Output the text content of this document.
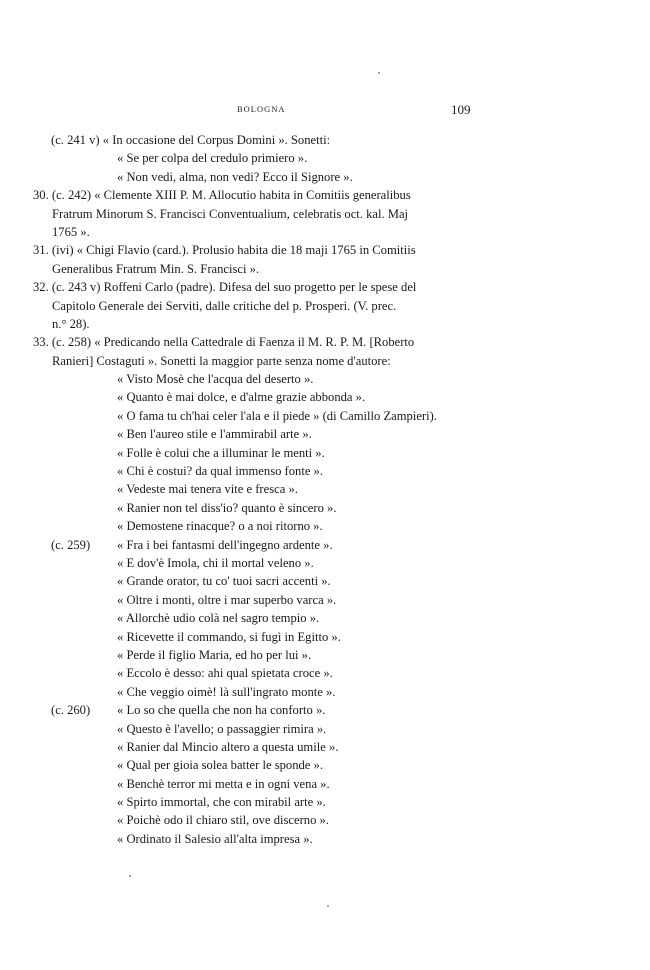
BOLOGNA	109
(c. 241 v) « In occasione del Corpus Domini ». Sonetti:
« Se per colpa del credulo primiero ».
« Non vedi, alma, non vedi? Ecco il Signore ».
30. (c. 242) « Clemente XIII P. M. Allocutio habita in Comitiis generalibus
Fratrum Minorum S. Francisci Conventualium, celebratis oct. kal. Maj
1765 ».
31. (ivi) « Chigi Flavio (card.). Prolusio habita die 18 maji 1765 in Comitiis
Generalibus Fratrum Min. S. Francisci ».
32. (c. 243 v) Roffeni Carlo (padre). Difesa del suo progetto per le spese del
Capitolo Generale dei Serviti, dalle critiche del p. Prosperi. (V. prec.
n.° 28).
33. (c. 258) « Predicando nella Cattedrale di Faenza il M. R. P. M. [Roberto
Ranieri] Costaguti ». Sonetti la maggior parte senza nome d'autore:
« Visto Mosè che l'acqua del deserto ».
« Quanto è mai dolce, e d'alme grazie abbonda ».
« O fama tu ch'hai celer l'ala e il piede » (di Camillo Zampieri).
« Ben l'aureo stile e l'ammirabil arte ».
« Folle è colui che a illuminar le menti ».
« Chi è costui? da qual immenso fonte ».
« Vedeste mai tenera vite e fresca ».
« Ranier non tel diss'io? quanto è sincero ».
« Demostene rinacque? o a noi ritorno ».
(c. 259) « Fra i bei fantasmi dell'ingegno ardente ».
« E dov'è Imola, chi il mortal veleno ».
« Grande orator, tu co' tuoi sacri accenti ».
« Oltre i monti, oltre i mar superbo varca ».
« Allorchè udio colà nel sagro tempio ».
« Ricevette il commando, si fugì in Egitto ».
« Perde il figlio Maria, ed ho per lui ».
« Eccolo è desso: ahi qual spietata croce ».
« Che veggio oimè! là sull'ingrato monte ».
(c. 260) « Lo so che quella che non ha conforto ».
« Questo è l'avello; o passaggier rimira ».
« Ranier dal Mincio altero a questa umile ».
« Qual per gioia solea batter le sponde ».
« Benchè terror mi metta e in ogni vena ».
« Spirto immortal, che con mirabil arte ».
« Poichè odo il chiaro stil, ove discerno ».
« Ordinato il Salesio all'alta impresa ».
